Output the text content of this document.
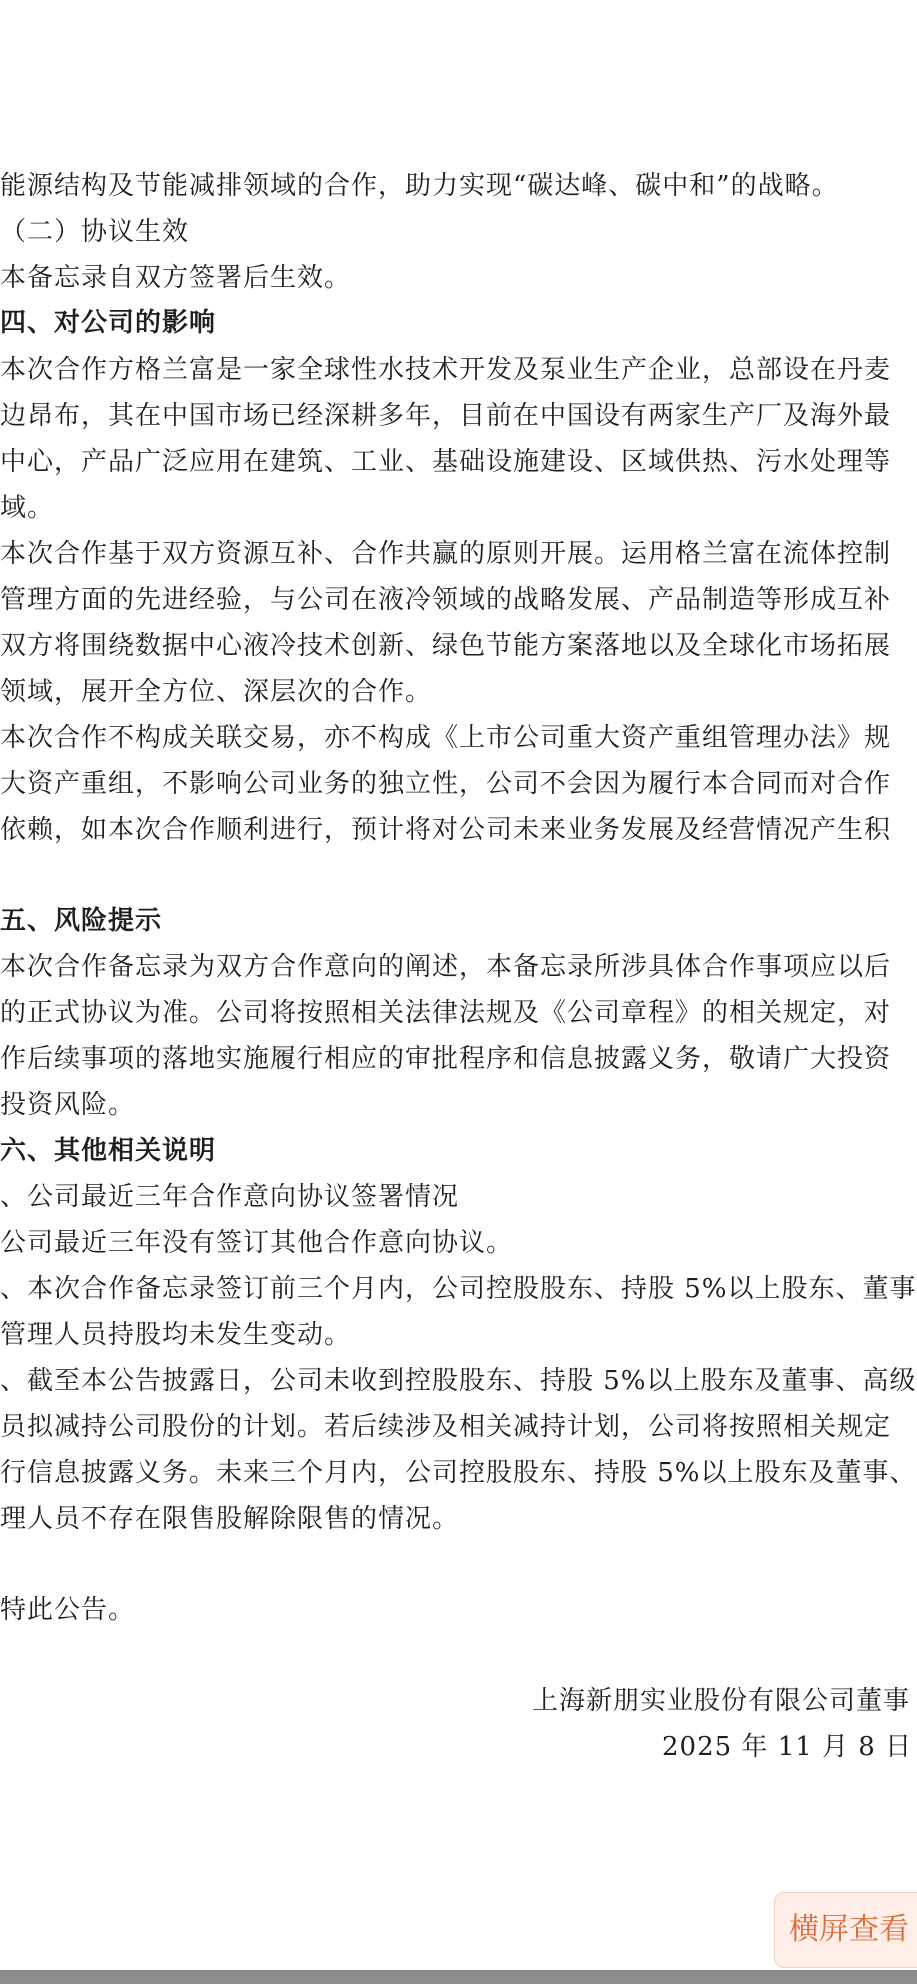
能源结构及节能减排领域的合作，助力实现“碳达峰、碳中和”的战略。
（二）协议生效
本备忘录自双方签署后生效。
四、对公司的影响
本次合作方格兰富是一家全球性水技术开发及泵业生产企业，总部设在丹麦
边昂布，其在中国市场已经深耕多年，目前在中国设有两家生产厂及海外最
中心，产品广泛应用在建筑、工业、基础设施建设、区域供热、污水处理等
域。
本次合作基于双方资源互补、合作共赢的原则开展。运用格兰富在流体控制
管理方面的先进经验，与公司在液冷领域的战略发展、产品制造等形成互补
双方将围绕数据中心液冷技术创新、绿色节能方案落地以及全球化市场拓展
领域，展开全方位、深层次的合作。
本次合作不构成关联交易，亦不构成《上市公司重大资产重组管理办法》规
大资产重组，不影响公司业务的独立性，公司不会因为履行本合同而对合作
依赖，如本次合作顺利进行，预计将对公司未来业务发展及经营情况产生积
五、风险提示
本次合作备忘录为双方合作意向的阐述，本备忘录所涉具体合作事项应以后
的正式协议为准。公司将按照相关法律法规及《公司章程》的相关规定，对
作后续事项的落地实施履行相应的审批程序和信息披露义务，敬请广大投资
投资风险。
六、其他相关说明
、公司最近三年合作意向协议签署情况
公司最近三年没有签订其他合作意向协议。
、本次合作备忘录签订前三个月内，公司控股股东、持股 5%以上股东、董事
管理人员持股均未发生变动。
、截至本公告披露日，公司未收到控股股东、持股 5%以上股东及董事、高级
员拟减持公司股份的计划。若后续涉及相关减持计划，公司将按照相关规定
行信息披露义务。未来三个月内，公司控股股东、持股 5%以上股东及董事、
理人员不存在限售股解除限售的情况。
特此公告。
上海新朋实业股份有限公司董事
2025 年 11 月 8 日
横屏查看
